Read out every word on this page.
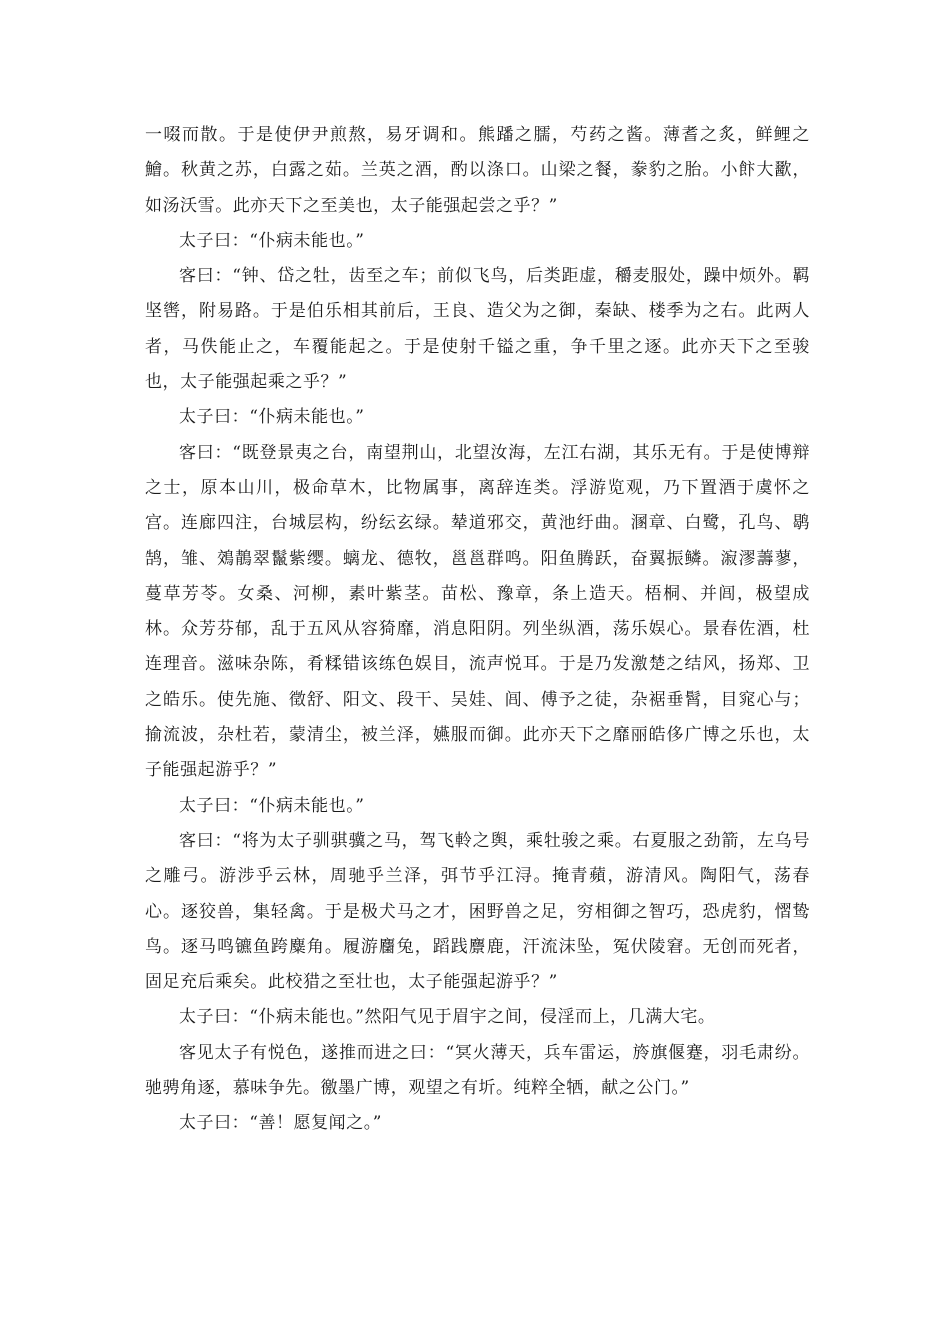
一啜而散。于是使伊尹煎熬，易牙调和。熊蹯之臑，芍药之酱。薄耆之炙，鲜鲤之鱠。秋黄之苏，白露之茹。兰英之酒，酌以涤口。山梁之餐，豢豹之胎。小飰大歠，如汤沃雪。此亦天下之至美也，太子能强起尝之乎？”

太子曰：“仆病未能也。”

客曰：“钟、岱之牡，齿至之车；前似飞鸟，后类距虚，穱麦服处，躁中烦外。羁坚辔，附易路。于是伯乐相其前后，王良、造父为之御，秦缺、楼季为之右。此两人者，马佚能止之，车覆能起之。于是使射千镒之重，争千里之逐。此亦天下之至骏也，太子能强起乘之乎？”

太子曰：“仆病未能也。”

客曰：“既登景夷之台，南望荆山，北望汝海，左江右湖，其乐无有。于是使博辩之士，原本山川，极命草木，比物属事，离辞连类。浮游览观，乃下置酒于虞怀之宫。连廊四注，台城层构，纷纭玄绿。辇道邪交，黄池纡曲。溷章、白鹭，孔鸟、鹖鹄，雏、鵁鶄翠鬣紫缨。螭龙、德牧，邕邕群鸣。阳鱼腾跃，奋翼振鳞。漃漻薵蓼，蔓草芳苓。女桑、河柳，素叶紫茎。苗松、豫章，条上造天。梧桐、并闾，极望成林。众芳芬郁，乱于五风从容猗靡，消息阳阴。列坐纵酒，荡乐娱心。景春佐酒，杜连理音。滋味杂陈，肴糅错该练色娱目，流声悦耳。于是乃发激楚之结风，扬郑、卫之皓乐。使先施、徵舒、阳文、段干、吴娃、闾、傅予之徒，杂裾垂髾，目窕心与；揄流波，杂杜若，蒙清尘，被兰泽，嬿服而御。此亦天下之靡丽皓侈广博之乐也，太子能强起游乎？”

太子曰：“仆病未能也。”

客曰：“将为太子驯骐骥之马，驾飞軨之舆，乘牡骏之乘。右夏服之劲箭，左乌号之雕弓。游涉乎云林，周驰乎兰泽，弭节乎江浔。掩青蘋，游清风。陶阳气，荡春心。逐狡兽，集轻禽。于是极犬马之才，困野兽之足，穷相御之智巧，恐虎豹，慴鸷鸟。逐马鸣镳鱼跨麋角。履游麕兔，蹈践麖鹿，汗流沫坠，冤伏陵窘。无创而死者，固足充后乘矣。此校猎之至壮也，太子能强起游乎？”

太子曰：“仆病未能也。”然阳气见于眉宇之间，侵淫而上，几满大宅。

客见太子有悦色，遂推而进之曰：“冥火薄天，兵车雷运，旍旗偃蹇，羽毛肃纷。驰骋角逐，慕味争先。徼墨广博，观望之有圻。纯粹全牺，献之公门。”

太子曰：“善！愿复闻之。”
